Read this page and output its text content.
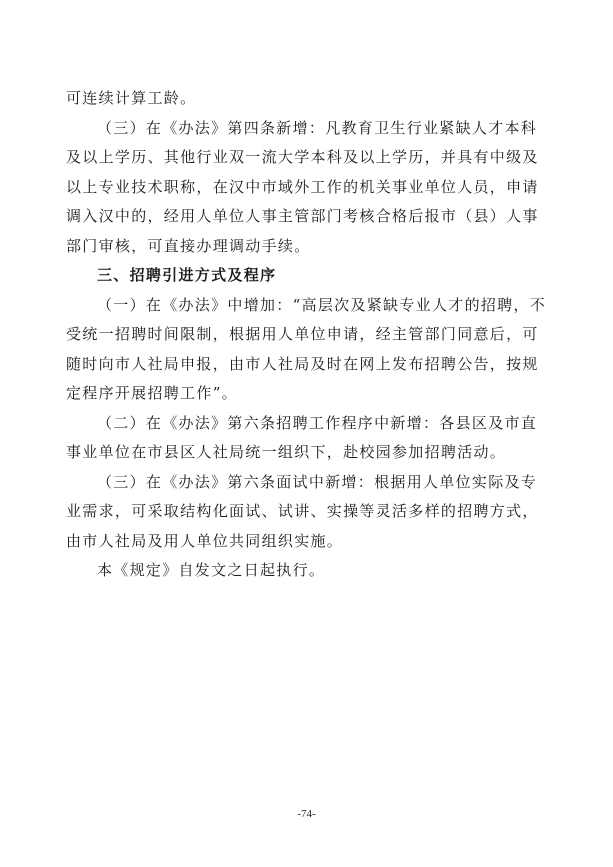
可连续计算工龄。
（三）在《办法》第四条新增：凡教育卫生行业紧缺人才本科
及以上学历、其他行业双一流大学本科及以上学历，并具有中级及
以上专业技术职称，在汉中市域外工作的机关事业单位人员，申请
调入汉中的，经用人单位人事主管部门考核合格后报市（县）人事
部门审核，可直接办理调动手续。
三、招聘引进方式及程序
（一）在《办法》中增加：“高层次及紧缺专业人才的招聘，不
受统一招聘时间限制，根据用人单位申请，经主管部门同意后，可
随时向市人社局申报，由市人社局及时在网上发布招聘公告，按规
定程序开展招聘工作”。
（二）在《办法》第六条招聘工作程序中新增：各县区及市直
事业单位在市县区人社局统一组织下，赴校园参加招聘活动。
（三）在《办法》第六条面试中新增：根据用人单位实际及专
业需求，可采取结构化面试、试讲、实操等灵活多样的招聘方式，
由市人社局及用人单位共同组织实施。
本《规定》自发文之日起执行。
-74-
